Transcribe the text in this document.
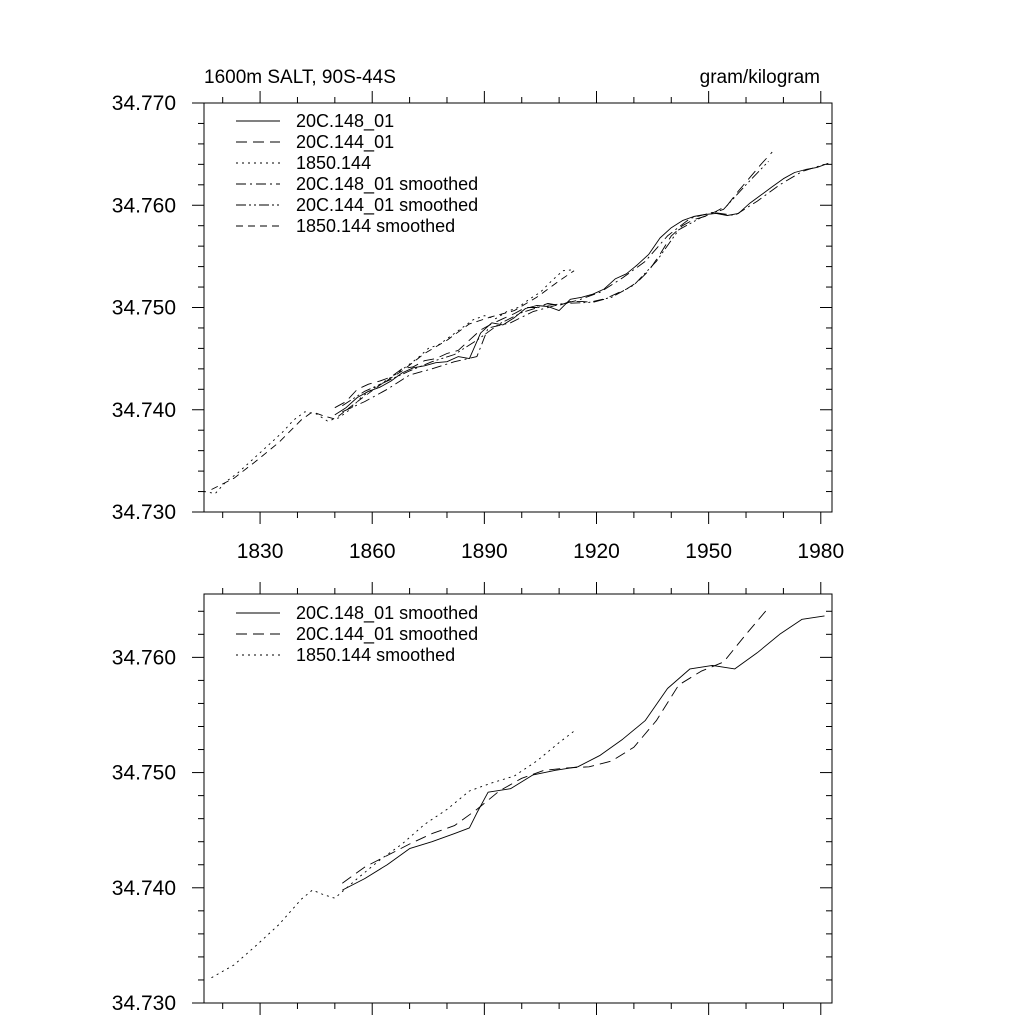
34.730
34.740
34.750
34.760
34.770
1830	1860	1890	1920	1950	1980
1600m SALT, 90S-44S	gram/kilogram
20C.148_01
20C.144_01
1850.144
20C.148_01 smoothed
20C.144_01 smoothed
1850.144 smoothed
34.730
34.740
34.750
34.760
20C.148_01 smoothed
20C.144_01 smoothed
1850.144 smoothed
